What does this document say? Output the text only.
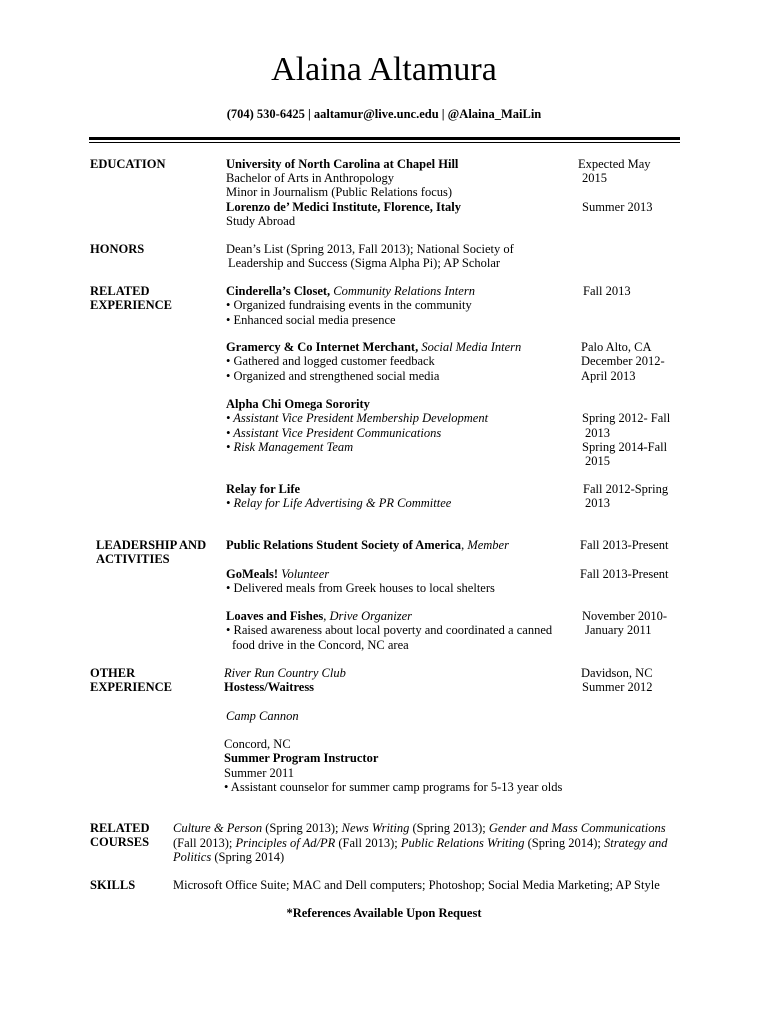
Alaina Altamura
(704) 530-6425 | aaltamur@live.unc.edu | @Alaina_MaiLin
EDUCATION	University of North Carolina at Chapel Hill	Expected May
Bachelor of Arts in Anthropology	2015
Minor in Journalism (Public Relations focus)
Lorenzo de’ Medici Institute, Florence, Italy	Summer 2013
Study Abroad
HONORS	Dean’s List (Spring 2013, Fall 2013); National Society of
Leadership and Success (Sigma Alpha Pi); AP Scholar
RELATED
EXPERIENCE
Cinderella’s Closet, Community Relations Intern	Fall 2013
• Organized fundraising events in the community
• Enhanced social media presence
Gramercy & Co Internet Merchant, Social Media Intern	Palo Alto, CA
• Gathered and logged customer feedback	December 2012-
• Organized and strengthened social media	April 2013
Alpha Chi Omega Sorority
• Assistant Vice President Membership Development	Spring 2012- Fall
• Assistant Vice President Communications	2013
• Risk Management Team	Spring 2014-Fall
2015
Relay for Life	Fall 2012-Spring
• Relay for Life Advertising & PR Committee	2013
LEADERSHIP AND
ACTIVITIES
Public Relations Student Society of America, Member	Fall 2013-Present
GoMeals! Volunteer	Fall 2013-Present
• Delivered meals from Greek houses to local shelters
Loaves and Fishes, Drive Organizer	November 2010-
• Raised awareness about local poverty and coordinated a canned	January 2011
food drive in the Concord, NC area
OTHER
EXPERIENCE
River Run Country Club	Davidson, NC
Hostess/Waitress	Summer 2012
Camp Cannon
Concord, NC
Summer Program Instructor
Summer 2011
• Assistant counselor for summer camp programs for 5-13 year olds
RELATED
COURSES
Culture & Person (Spring 2013); News Writing (Spring 2013); Gender and Mass Communications (Fall 2013); Principles of Ad/PR (Fall 2013); Public Relations Writing (Spring 2014); Strategy and Politics (Spring 2014)
SKILLS	Microsoft Office Suite; MAC and Dell computers; Photoshop; Social Media Marketing; AP Style
*References Available Upon Request
